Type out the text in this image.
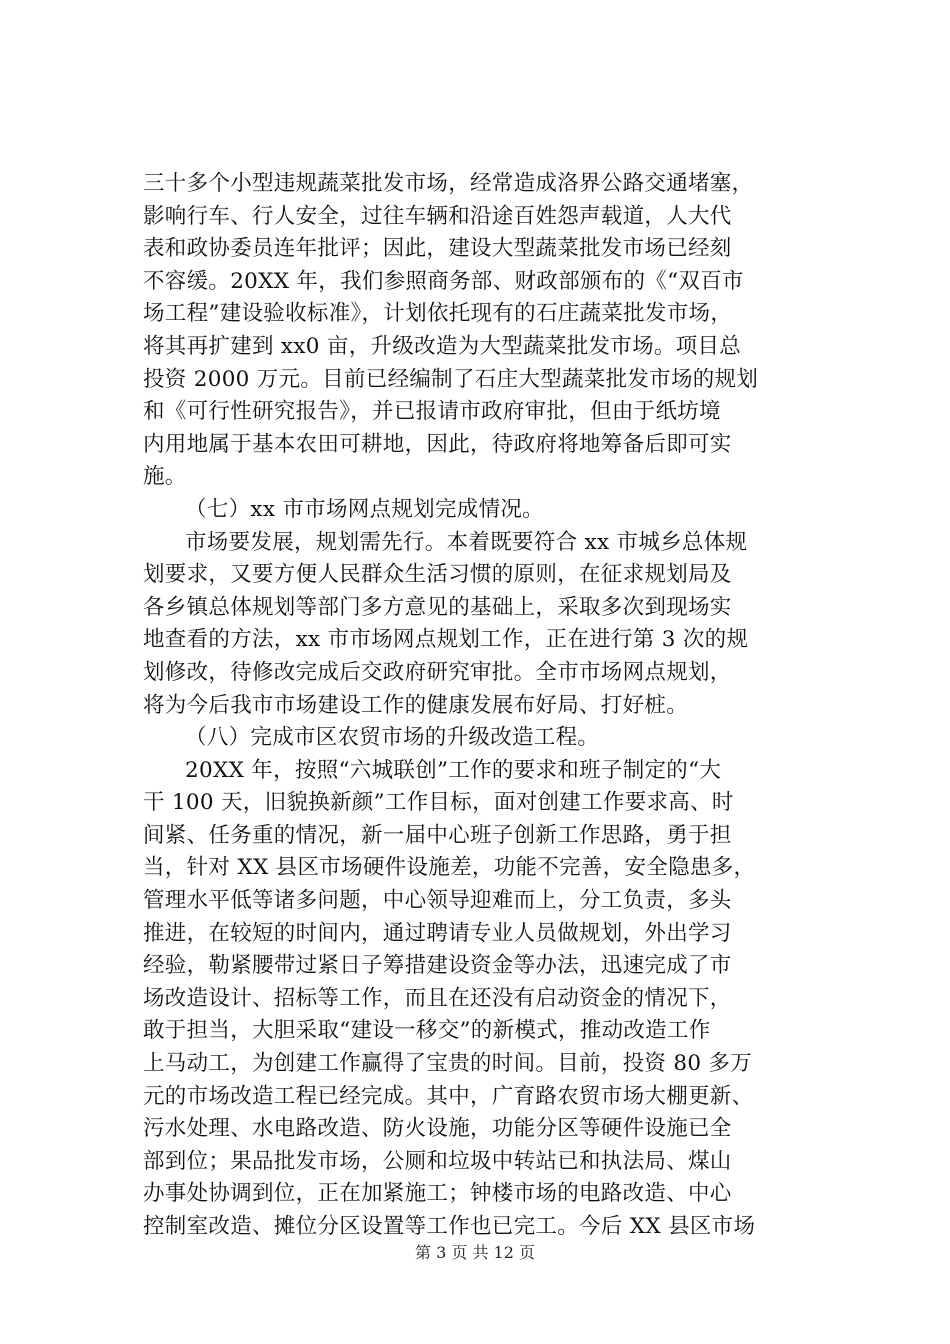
三十多个小型违规蔬菜批发市场，经常造成洛界公路交通堵塞，
影响行车、行人安全，过往车辆和沿途百姓怨声载道，人大代
表和政协委员连年批评；因此，建设大型蔬菜批发市场已经刻
不容缓。20XX 年，我们参照商务部、财政部颁布的《“双百市
场工程”建设验收标准》，计划依托现有的石庄蔬菜批发市场，
将其再扩建到 xx0 亩，升级改造为大型蔬菜批发市场。项目总
投资 2000 万元。目前已经编制了石庄大型蔬菜批发市场的规划
和《可行性研究报告》，并已报请市政府审批，但由于纸坊境
内用地属于基本农田可耕地，因此，待政府将地筹备后即可实
施。
（七）xx 市市场网点规划完成情况。
市场要发展，规划需先行。本着既要符合 xx 市城乡总体规
划要求，又要方便人民群众生活习惯的原则，在征求规划局及
各乡镇总体规划等部门多方意见的基础上，采取多次到现场实
地查看的方法，xx 市市场网点规划工作，正在进行第 3 次的规
划修改，待修改完成后交政府研究审批。全市市场网点规划，
将为今后我市市场建设工作的健康发展布好局、打好桩。
（八）完成市区农贸市场的升级改造工程。
20XX 年，按照“六城联创”工作的要求和班子制定的“大
干 100 天，旧貌换新颜”工作目标，面对创建工作要求高、时
间紧、任务重的情况，新一届中心班子创新工作思路，勇于担
当，针对 XX 县区市场硬件设施差，功能不完善，安全隐患多，
管理水平低等诸多问题，中心领导迎难而上，分工负责，多头
推进，在较短的时间内，通过聘请专业人员做规划，外出学习
经验，勒紧腰带过紧日子筹措建设资金等办法，迅速完成了市
场改造设计、招标等工作，而且在还没有启动资金的情况下，
敢于担当，大胆采取“建设一移交”的新模式，推动改造工作
上马动工，为创建工作赢得了宝贵的时间。目前，投资 80 多万
元的市场改造工程已经完成。其中，广育路农贸市场大棚更新、
污水处理、水电路改造、防火设施，功能分区等硬件设施已全
部到位；果品批发市场，公厕和垃圾中转站已和执法局、煤山
办事处协调到位，正在加紧施工；钟楼市场的电路改造、中心
控制室改造、摊位分区设置等工作也已完工。今后 XX 县区市场
第 3 页 共 12 页
